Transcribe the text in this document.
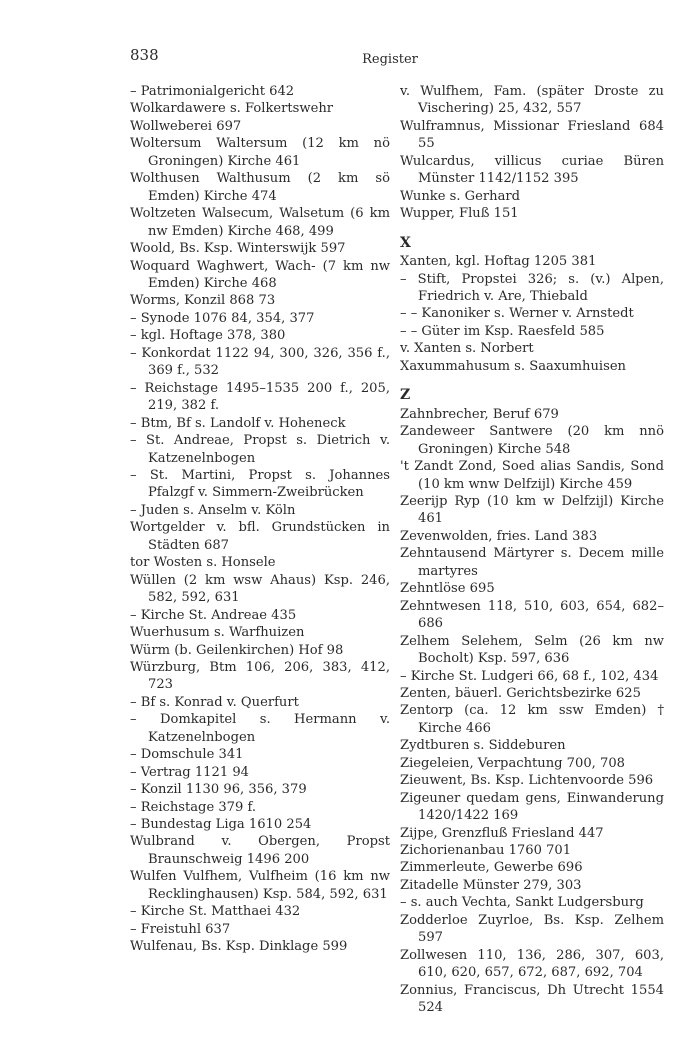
838	Register

– Patrimonialgericht 642

Wolkardawere s. Folkertswehr

Wollweberei 697

Woltersum Waltersum (12 km nö Groningen) Kirche 461

Wolthusen Walthusum (2 km sö Emden) Kirche 474

Woltzeten Walsecum, Walsetum (6 km nw Emden) Kirche 468, 499

Woold, Bs. Ksp. Winterswijk 597

Woquard Waghwert, Wach- (7 km nw Emden) Kirche 468

Worms, Konzil 868 73

– Synode 1076 84, 354, 377

– kgl. Hoftage 378, 380

– Konkordat 1122 94, 300, 326, 356 f., 369 f., 532

– Reichstage 1495–1535 200 f., 205, 219, 382 f.

– Btm, Bf s. Landolf v. Hoheneck

– St. Andreae, Propst s. Dietrich v. Katzenelnbogen

– St. Martini, Propst s. Johannes Pfalzgf v. Simmern-Zweibrücken

– Juden s. Anselm v. Köln

Wortgelder v. bfl. Grundstücken in Städten 687

tor Wosten s. Honsele

Wüllen (2 km wsw Ahaus) Ksp. 246, 582, 592, 631

– Kirche St. Andreae 435

Wuerhusum s. Warfhuizen

Würm (b. Geilenkirchen) Hof 98

Würzburg, Btm 106, 206, 383, 412, 723

– Bf s. Konrad v. Querfurt

– Domkapitel s. Hermann v. Katzenelnbogen

– Domschule 341

– Vertrag 1121 94

– Konzil 1130 96, 356, 379

– Reichstage 379 f.

– Bundestag Liga 1610 254

Wulbrand v. Obergen, Propst Braunschweig 1496 200

Wulfen Vulfhem, Vulfheim (16 km nw Recklinghausen) Ksp. 584, 592, 631

– Kirche St. Matthaei 432

– Freistuhl 637

Wulfenau, Bs. Ksp. Dinklage 599

v. Wulfhem, Fam. (später Droste zu Vischering) 25, 432, 557

Wulframnus, Missionar Friesland 684 55

Wulcardus, villicus curiae Büren Münster 1142/1152 395

Wunke s. Gerhard

Wupper, Fluß 151

X

Xanten, kgl. Hoftag 1205 381

– Stift, Propstei 326; s. (v.) Alpen, Friedrich v. Are, Thiebald

– – Kanoniker s. Werner v. Arnstedt

– – Güter im Ksp. Raesfeld 585

v. Xanten s. Norbert

Xaxummahusum s. Saaxumhuisen

Z

Zahnbrecher, Beruf 679

Zandeweer Santwere (20 km nnö Groningen) Kirche 548

't Zandt Zond, Soed alias Sandis, Sond (10 km wnw Delfzijl) Kirche 459

Zeerijp Ryp (10 km w Delfzijl) Kirche 461

Zevenwolden, fries. Land 383

Zehntausend Märtyrer s. Decem mille martyres

Zehntlöse 695

Zehntwesen 118, 510, 603, 654, 682–686

Zelhem Selehem, Selm (26 km nw Bocholt) Ksp. 597, 636

– Kirche St. Ludgeri 66, 68 f., 102, 434

Zenten, bäuerl. Gerichtsbezirke 625

Zentorp (ca. 12 km ssw Emden) † Kirche 466

Zydtburen s. Siddeburen

Ziegeleien, Verpachtung 700, 708

Zieuwent, Bs. Ksp. Lichtenvoorde 596

Zigeuner quedam gens, Einwanderung 1420/1422 169

Zijpe, Grenzfluß Friesland 447

Zichorienanbau 1760 701

Zimmerleute, Gewerbe 696

Zitadelle Münster 279, 303

– s. auch Vechta, Sankt Ludgersburg

Zodderloe Zuyrloe, Bs. Ksp. Zelhem 597

Zollwesen 110, 136, 286, 307, 603, 610, 620, 657, 672, 687, 692, 704

Zonnius, Franciscus, Dh Utrecht 1554 524
